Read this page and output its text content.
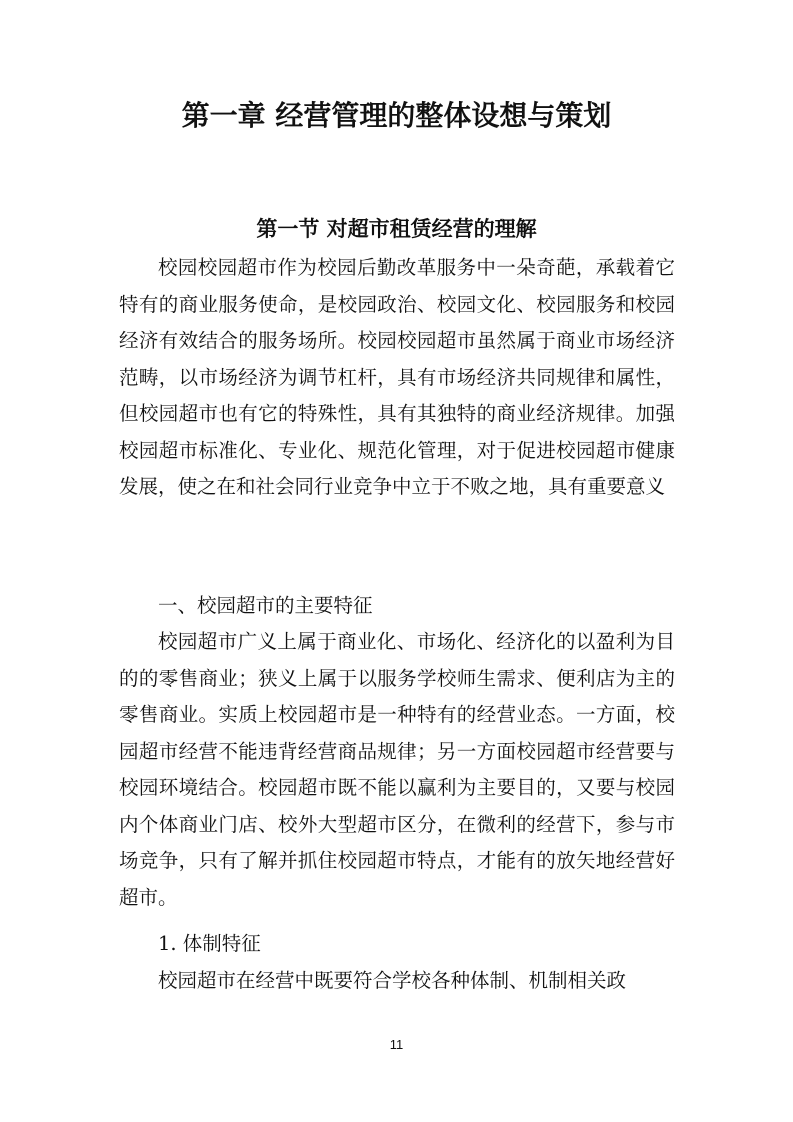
第一章 经营管理的整体设想与策划
第一节 对超市租赁经营的理解

校园校园超市作为校园后勤改革服务中一朵奇葩，承载着它特有的商业服务使命，是校园政治、校园文化、校园服务和校园经济有效结合的服务场所。校园校园超市虽然属于商业市场经济范畴，以市场经济为调节杠杆，具有市场经济共同规律和属性，但校园超市也有它的特殊性，具有其独特的商业经济规律。加强校园超市标准化、专业化、规范化管理，对于促进校园超市健康发展，使之在和社会同行业竞争中立于不败之地，具有重要意义

一、校园超市的主要特征

校园超市广义上属于商业化、市场化、经济化的以盈利为目的的零售商业；狭义上属于以服务学校师生需求、便利店为主的零售商业。实质上校园超市是一种特有的经营业态。一方面，校园超市经营不能违背经营商品规律；另一方面校园超市经营要与校园环境结合。校园超市既不能以赢利为主要目的，又要与校园内个体商业门店、校外大型超市区分，在微利的经营下，参与市场竞争，只有了解并抓住校园超市特点，才能有的放矢地经营好超市。

1. 体制特征

校园超市在经营中既要符合学校各种体制、机制相关政

11
